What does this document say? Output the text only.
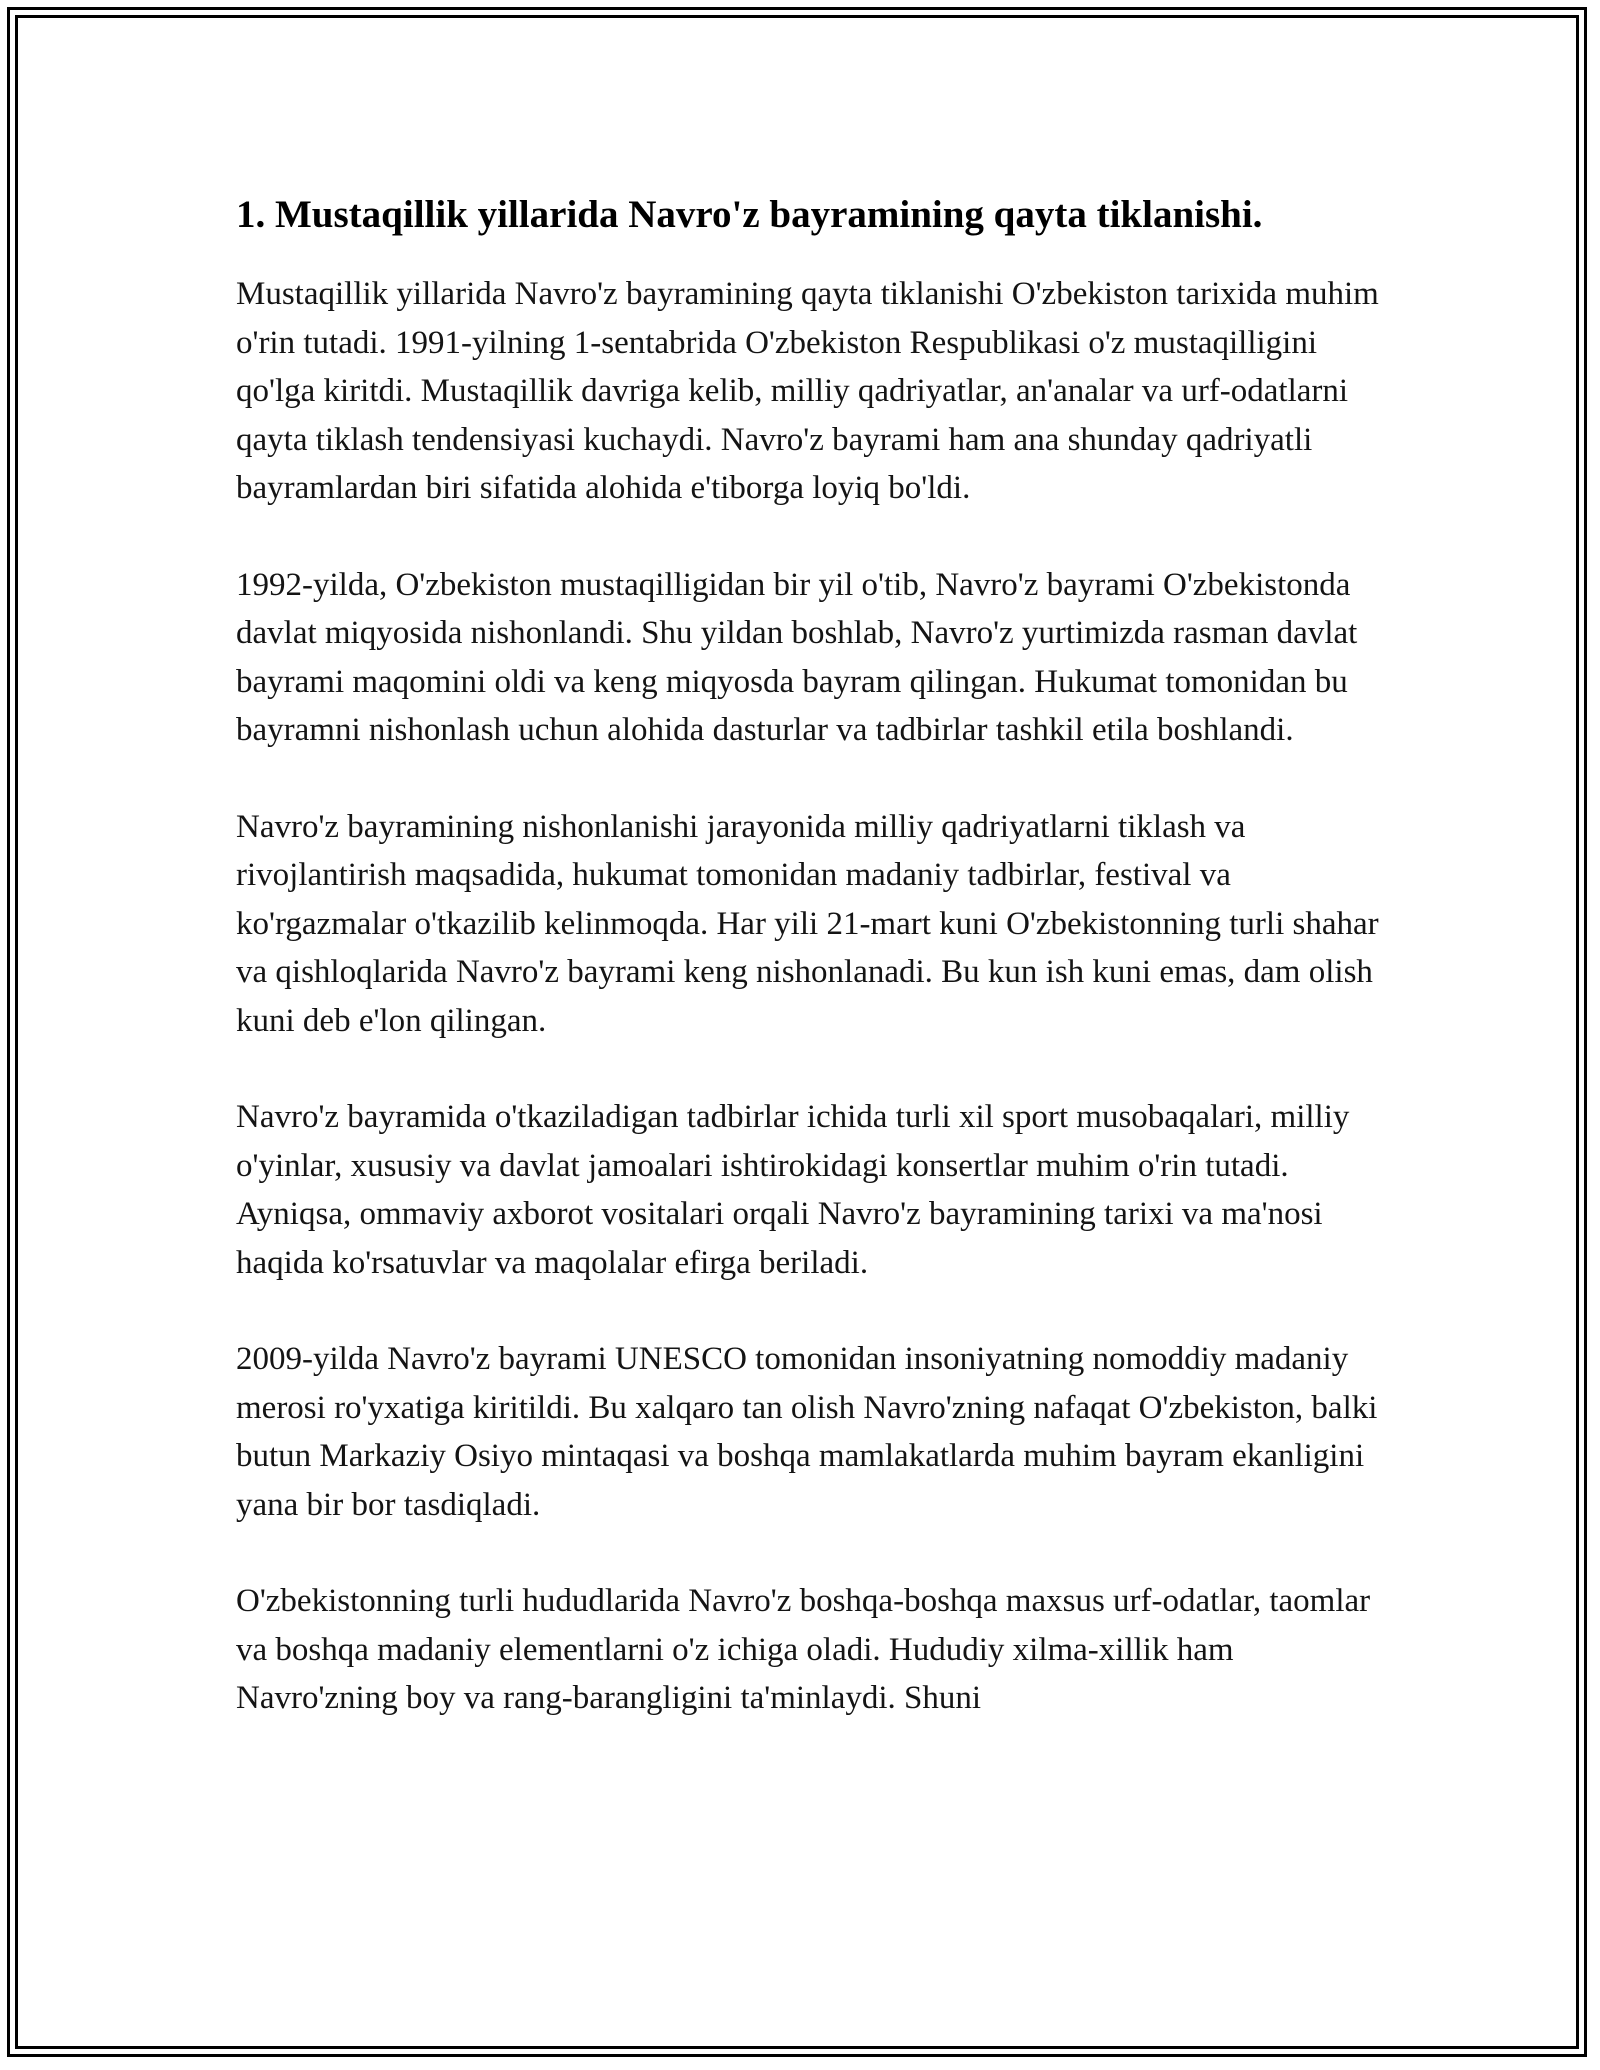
1. Mustaqillik yillarida Navro'z bayramining qayta tiklanishi.

Mustaqillik yillarida Navro'z bayramining qayta tiklanishi O'zbekiston tarixida muhim o'rin tutadi. 1991-yilning 1-sentabrida O'zbekiston Respublikasi o'z mustaqilligini qo'lga kiritdi. Mustaqillik davriga kelib, milliy qadriyatlar, an'analar va urf-odatlarni qayta tiklash tendensiyasi kuchaydi. Navro'z bayrami ham ana shunday qadriyatli bayramlardan biri sifatida alohida e'tiborga loyiq bo'ldi.

1992-yilda, O'zbekiston mustaqilligidan bir yil o'tib, Navro'z bayrami O'zbekistonda davlat miqyosida nishonlandi. Shu yildan boshlab, Navro'z yurtimizda rasman davlat bayrami maqomini oldi va keng miqyosda bayram qilingan. Hukumat tomonidan bu bayramni nishonlash uchun alohida dasturlar va tadbirlar tashkil etila boshlandi.

Navro'z bayramining nishonlanishi jarayonida milliy qadriyatlarni tiklash va rivojlantirish maqsadida, hukumat tomonidan madaniy tadbirlar, festival va ko'rgazmalar o'tkazilib kelinmoqda. Har yili 21-mart kuni O'zbekistonning turli shahar va qishloqlarida Navro'z bayrami keng nishonlanadi. Bu kun ish kuni emas, dam olish kuni deb e'lon qilingan.

Navro'z bayramida o'tkaziladigan tadbirlar ichida turli xil sport musobaqalari, milliy o'yinlar, xususiy va davlat jamoalari ishtirokidagi konsertlar muhim o'rin tutadi. Ayniqsa, ommaviy axborot vositalari orqali Navro'z bayramining tarixi va ma'nosi haqida ko'rsatuvlar va maqolalar efirga beriladi.

2009-yilda Navro'z bayrami UNESCO tomonidan insoniyatning nomoddiy madaniy merosi ro'yxatiga kiritildi. Bu xalqaro tan olish Navro'zning nafaqat O'zbekiston, balki butun Markaziy Osiyo mintaqasi va boshqa mamlakatlarda muhim bayram ekanligini yana bir bor tasdiqladi.

O'zbekistonning turli hududlarida Navro'z boshqa-boshqa maxsus urf-odatlar, taomlar va boshqa madaniy elementlarni o'z ichiga oladi. Hududiy xilma-xillik ham Navro'zning boy va rang-barangligini ta'minlaydi. Shuni
